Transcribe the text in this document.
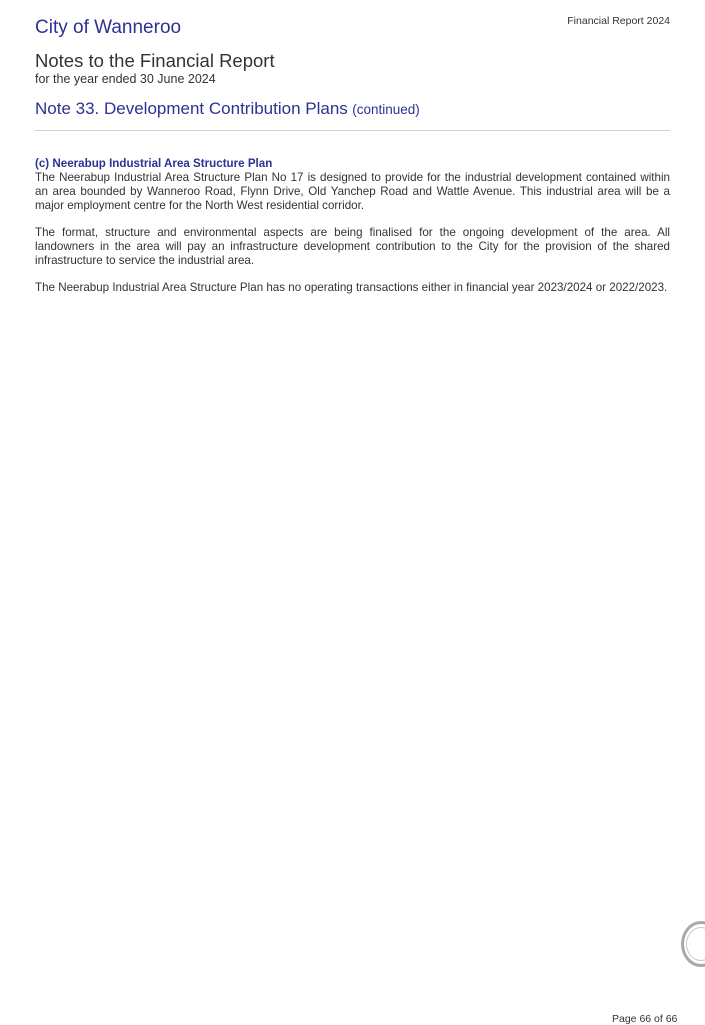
City of Wanneroo	Financial Report 2024
Notes to the Financial Report
for the year ended 30 June 2024
Note 33. Development Contribution Plans (continued)
(c) Neerabup Industrial Area Structure Plan

The Neerabup Industrial Area Structure Plan No 17 is designed to provide for the industrial development contained within an area bounded by Wanneroo Road, Flynn Drive, Old Yanchep Road and Wattle Avenue. This industrial area will be a major employment centre for the North West residential corridor.

The format, structure and environmental aspects are being finalised for the ongoing development of the area. All landowners in the area will pay an infrastructure development contribution to the City for the provision of the shared infrastructure to service the industrial area.

The Neerabup Industrial Area Structure Plan has no operating transactions either in financial year 2023/2024 or 2022/2023.

Page 66 of 66
